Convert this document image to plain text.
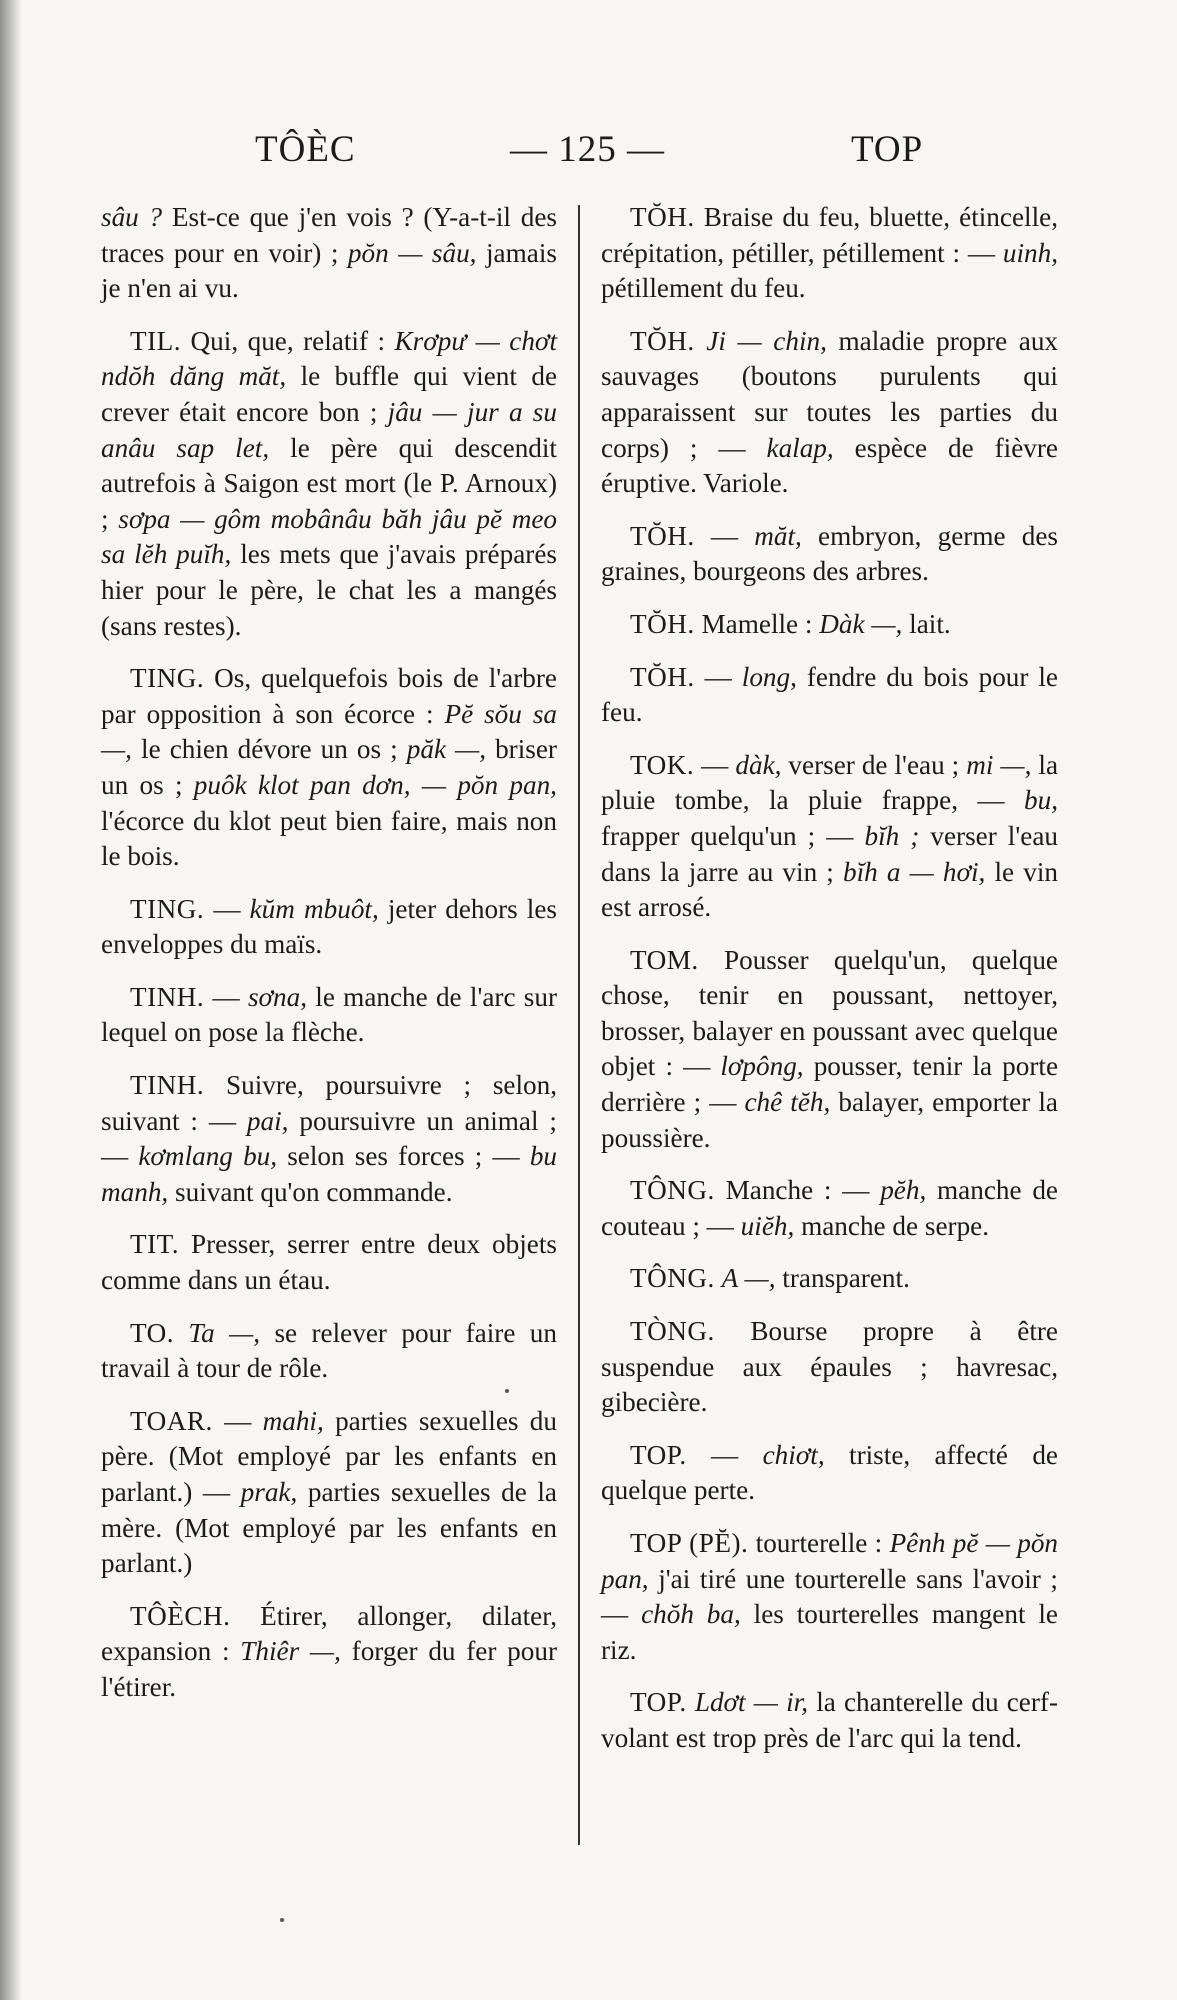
TÔÈC	— 125 —	TOP

sâu ? Est-ce que j'en vois ? (Y-a-t-il des traces pour en voir) ; pŏn — sâu, jamais je n'en ai vu.

TIL. Qui, que, relatif : Krơpư — chơt ndŏh dăng măt, le buffle qui vient de crever était encore bon ; jâu — jur a su anâu sap let, le père qui descendit autrefois à Saigon est mort (le P. Arnoux) ; sơpa — gôm mobânâu băh jâu pĕ meo sa lĕh puĭh, les mets que j'avais préparés hier pour le père, le chat les a mangés (sans restes).

TING. Os, quelquefois bois de l'arbre par opposition à son écorce : Pĕ sŏu sa —, le chien dévore un os ; păk —, briser un os ; puôk klot pan dơn, — pŏn pan, l'écorce du klot peut bien faire, mais non le bois.

TING. — kŭm mbuôt, jeter dehors les enveloppes du maïs.

TINH. — sơna, le manche de l'arc sur lequel on pose la flèche.

TINH. Suivre, poursuivre ; selon, suivant : — pai, poursuivre un animal ; — kơmlang bu, selon ses forces ; — bu manh, suivant qu'on commande.

TIT. Presser, serrer entre deux objets comme dans un étau.

TO. Ta —, se relever pour faire un travail à tour de rôle.

TOAR. — mahi, parties sexuelles du père. (Mot employé par les enfants en parlant.) — prak, parties sexuelles de la mère. (Mot employé par les enfants en parlant.)

TÔÈCH. Étirer, allonger, dilater, expansion : Thiêr —, forger du fer pour l'étirer.

TŎH. Braise du feu, bluette, étincelle, crépitation, pétiller, pétillement : — uinh, pétillement du feu.

TŎH. Ji — chin, maladie propre aux sauvages (boutons purulents qui apparaissent sur toutes les parties du corps) ; — kalap, espèce de fièvre éruptive. Variole.

TŎH. — măt, embryon, germe des graines, bourgeons des arbres.

TŎH. Mamelle : Dàk —, lait.

TŎH. — long, fendre du bois pour le feu.

TOK. — dàk, verser de l'eau ; mi —, la pluie tombe, la pluie frappe, — bu, frapper quelqu'un ; — bĭh ; verser l'eau dans la jarre au vin ; bĭh a — hơi, le vin est arrosé.

TOM. Pousser quelqu'un, quelque chose, tenir en poussant, nettoyer, brosser, balayer en poussant avec quelque objet : — lơpông, pousser, tenir la porte derrière ; — chê tĕh, balayer, emporter la poussière.

TÔNG. Manche : — pĕh, manche de couteau ; — uiĕh, manche de serpe.

TÔNG. A —, transparent.

TÒNG. Bourse propre à être suspendue aux épaules ; havresac, gibecière.

TOP. — chiơt, triste, affecté de quelque perte.

TOP (PĔ). tourterelle : Pênh pĕ — pŏn pan, j'ai tiré une tourterelle sans l'avoir ; — chŏh ba, les tourterelles mangent le riz.

TOP. Ldơt — ir, la chanterelle du cerf-volant est trop près de l'arc qui la tend.
